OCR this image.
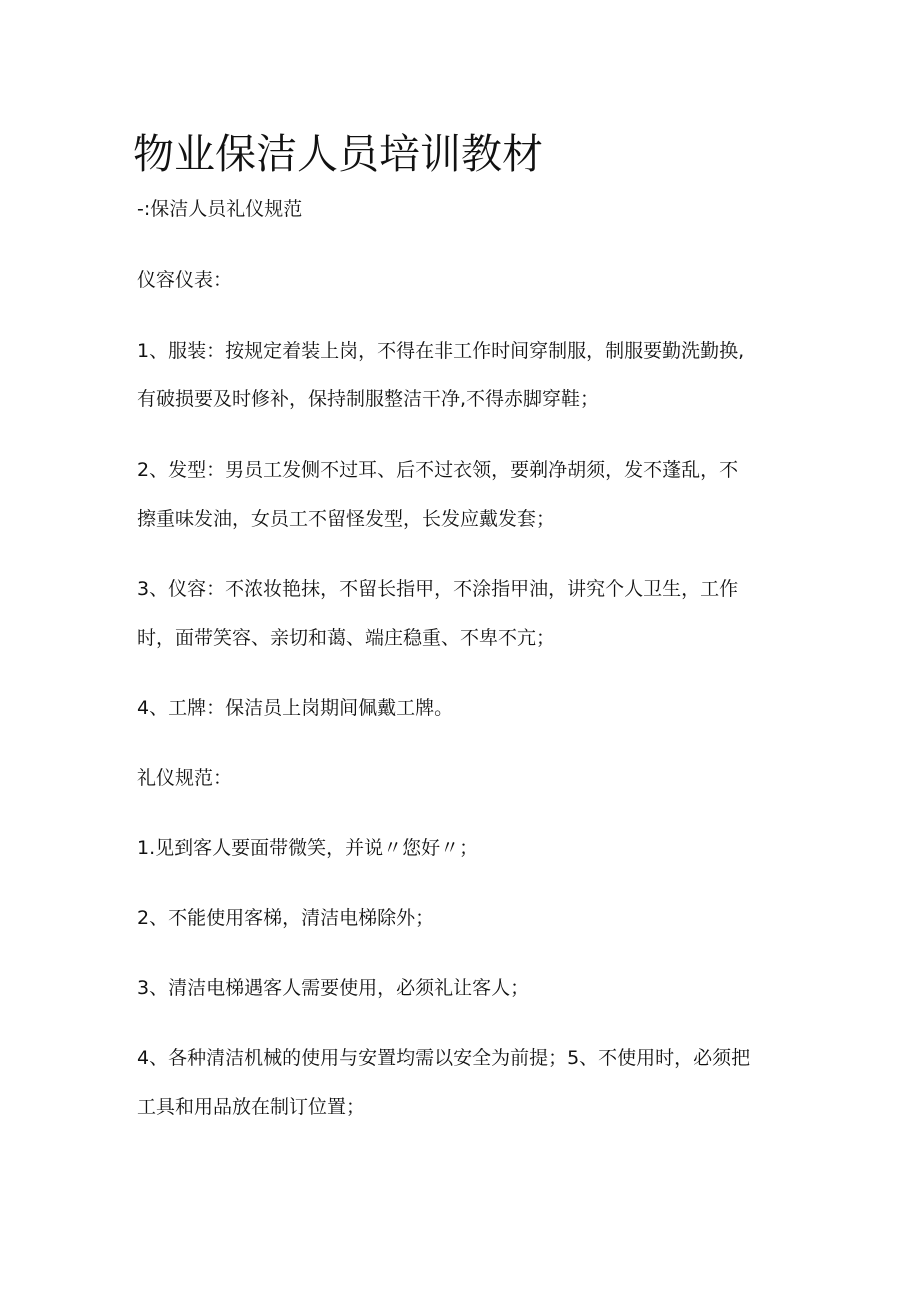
物业保洁人员培训教材
-:保洁人员礼仪规范
仪容仪表：
1、服装：按规定着装上岗，不得在非工作时间穿制服，制服要勤洗勤换,
有破损要及时修补，保持制服整洁干净,不得赤脚穿鞋；
2、发型：男员工发侧不过耳、后不过衣领，要剃净胡须，发不蓬乱，不
擦重味发油，女员工不留怪发型，长发应戴发套；
3、仪容：不浓妆艳抹，不留长指甲，不涂指甲油，讲究个人卫生，工作
时，面带笑容、亲切和蔼、端庄稳重、不卑不亢；
4、工牌：保洁员上岗期间佩戴工牌。
礼仪规范：
1.见到客人要面带微笑，并说〃您好〃；
2、不能使用客梯，清洁电梯除外；
3、清洁电梯遇客人需要使用，必须礼让客人；
4、各种清洁机械的使用与安置均需以安全为前提；5、不使用时，必须把
工具和用品放在制订位置；
